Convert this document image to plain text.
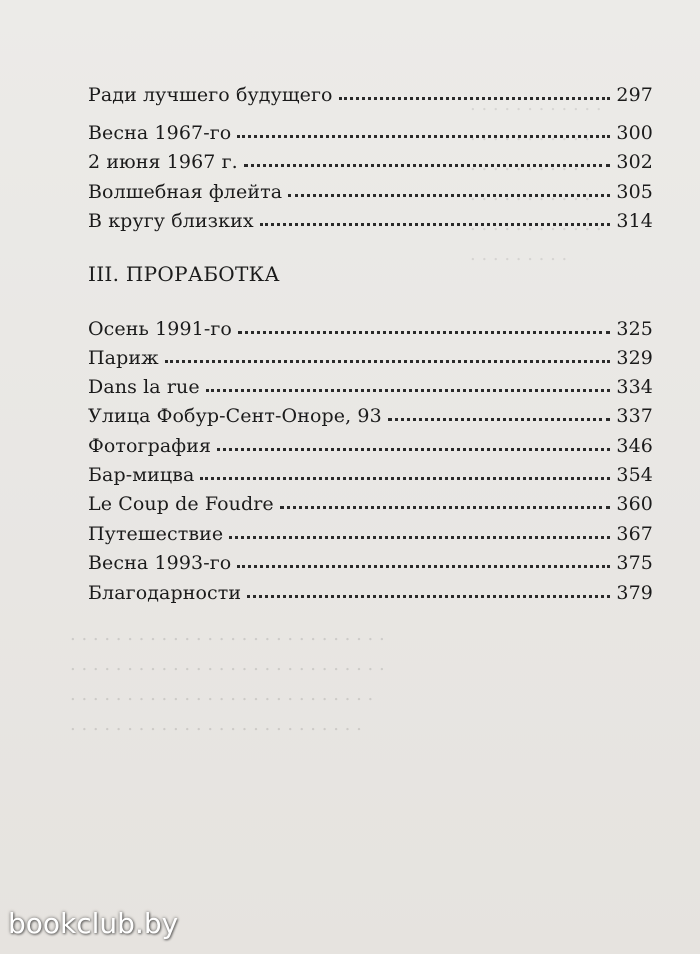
. . . . . . . . . . . .
. . . . . . . . . . .
. . . . . . . . . .
. . . . . . . . . . .
. . . . . . . . . . . .
. . . . . . . . .
. . . . . . . . . . . . . . . . . . . . . . . . . . . .
. . . . . . . . . . . . . . . . . . . . . . . . . . . .
. . . . . . . . . . . . . . . . . . . . . . . . . . .
. . . . . . . . . . . . . . . . . . . . . . . . . .
Ради лучшего будущего	297
Весна 1967-го	300
2 июня 1967 г.	302
Волшебная флейта	305
В кругу близких	314
III. ПРОРАБОТКА
Осень 1991-го	325
Париж	329
Dans la rue	334
Улица Фобур-Сент-Оноре, 93	337
Фотография	346
Бар-мицва	354
Le Coup de Foudre	360
Путешествие	367
Весна 1993-го	375
Благодарности	379
bookclub.by
